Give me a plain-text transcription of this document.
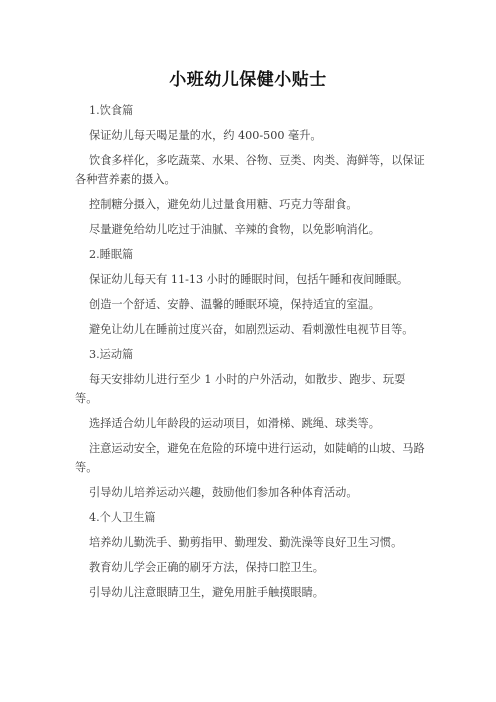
小班幼儿保健小贴士

1.饮食篇

保证幼儿每天喝足量的水，约 400-500 毫升。

饮食多样化，多吃蔬菜、水果、谷物、豆类、肉类、海鲜等，以保证各种营养素的摄入。

控制糖分摄入，避免幼儿过量食用糖、巧克力等甜食。

尽量避免给幼儿吃过于油腻、辛辣的食物，以免影响消化。

2.睡眠篇

保证幼儿每天有 11-13 小时的睡眠时间，包括午睡和夜间睡眠。

创造一个舒适、安静、温馨的睡眠环境，保持适宜的室温。

避免让幼儿在睡前过度兴奋，如剧烈运动、看刺激性电视节目等。

3.运动篇

每天安排幼儿进行至少 1 小时的户外活动，如散步、跑步、玩耍等。

选择适合幼儿年龄段的运动项目，如滑梯、跳绳、球类等。

注意运动安全，避免在危险的环境中进行运动，如陡峭的山坡、马路等。

引导幼儿培养运动兴趣，鼓励他们参加各种体育活动。

4.个人卫生篇

培养幼儿勤洗手、勤剪指甲、勤理发、勤洗澡等良好卫生习惯。

教育幼儿学会正确的刷牙方法，保持口腔卫生。

引导幼儿注意眼睛卫生，避免用脏手触摸眼睛。
